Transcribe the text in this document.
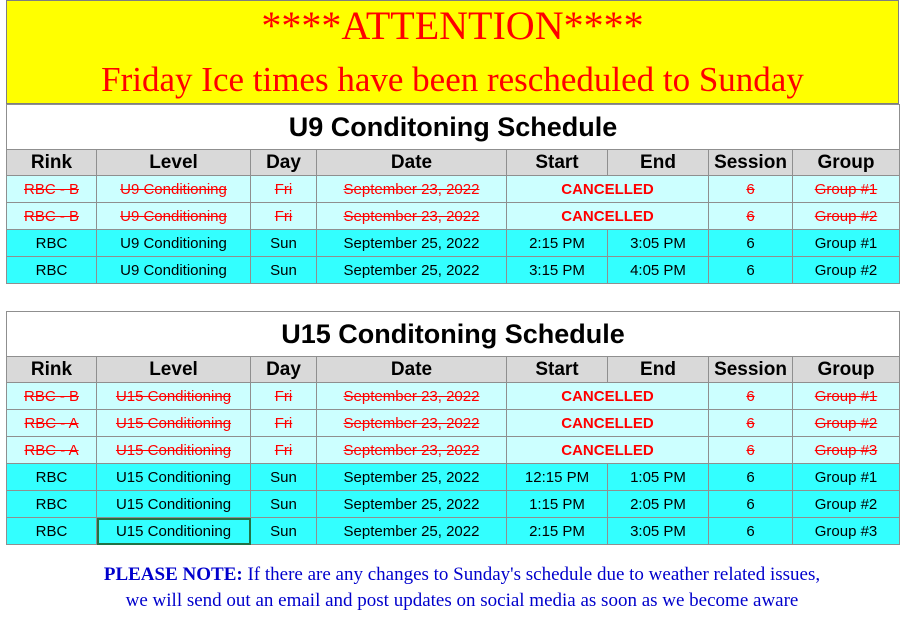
****ATTENTION****
Friday Ice times have been rescheduled to Sunday
U9 Conditoning Schedule							
Rink	Level	Day	Date	Start	End	Session	Group
RBC - B	U9 Conditioning	Fri	September 23, 2022	CANCELLED		6	Group #1
RBC - B	U9 Conditioning	Fri	September 23, 2022	CANCELLED		6	Group #2
RBC	U9 Conditioning	Sun	September 25, 2022	2:15 PM	3:05 PM	6	Group #1
RBC	U9 Conditioning	Sun	September 25, 2022	3:15 PM	4:05 PM	6	Group #2
U15 Conditoning Schedule							
Rink	Level	Day	Date	Start	End	Session	Group
RBC - B	U15 Conditioning	Fri	September 23, 2022	CANCELLED		6	Group #1
RBC - A	U15 Conditioning	Fri	September 23, 2022	CANCELLED		6	Group #2
RBC - A	U15 Conditioning	Fri	September 23, 2022	CANCELLED		6	Group #3
RBC	U15 Conditioning	Sun	September 25, 2022	12:15 PM	1:05 PM	6	Group #1
RBC	U15 Conditioning	Sun	September 25, 2022	1:15 PM	2:05 PM	6	Group #2
RBC	U15 Conditioning	Sun	September 25, 2022	2:15 PM	3:05 PM	6	Group #3
PLEASE NOTE: If there are any changes to Sunday's schedule due to weather related issues,
we will send out an email and post updates on social media as soon as we become aware
